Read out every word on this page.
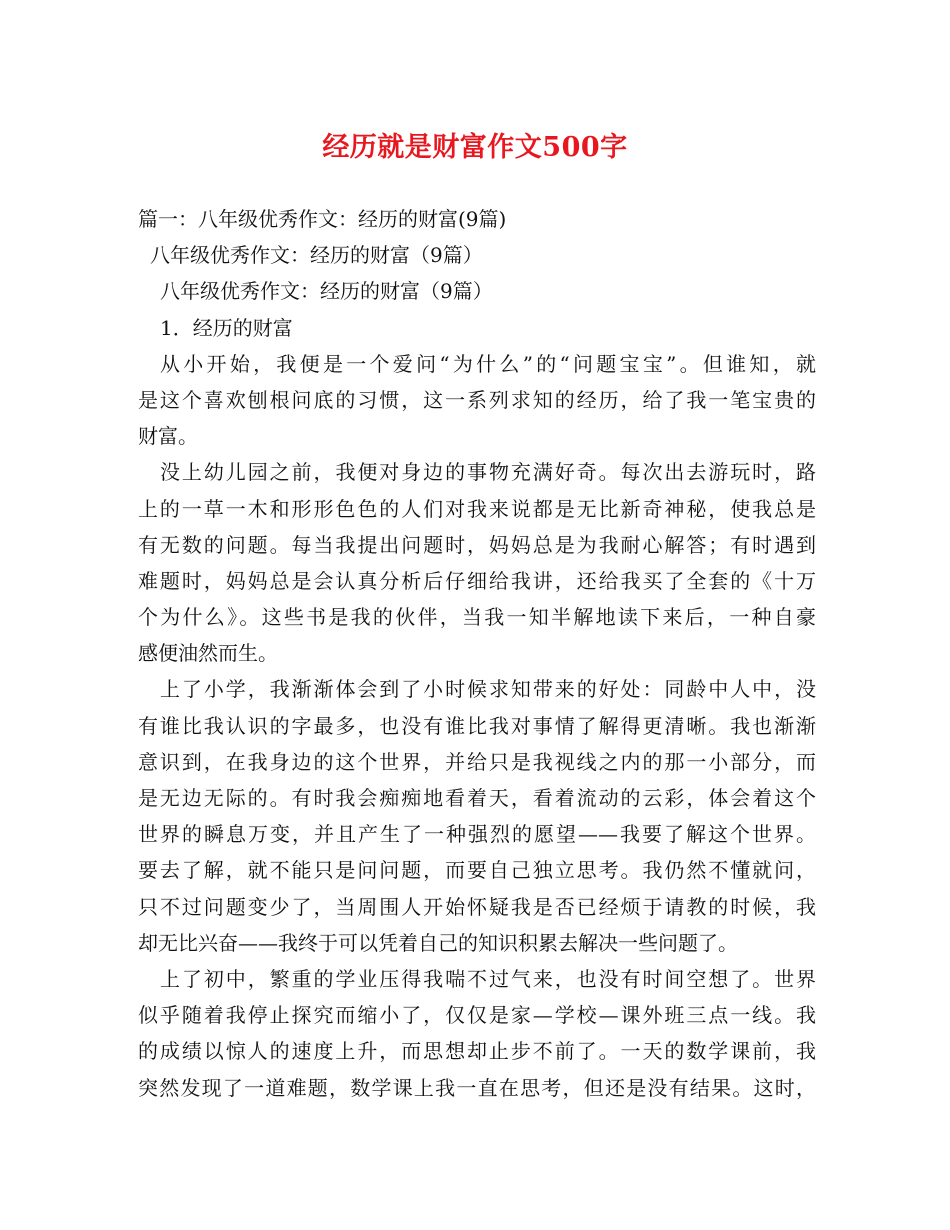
经历就是财富作文500字
篇一：八年级优秀作文：经历的财富(9篇)
八年级优秀作文：经历的财富（9篇）
八年级优秀作文：经历的财富（9篇）
1．经历的财富
从小开始，我便是一个爱问“为什么”的“问题宝宝”。但谁知，就
是这个喜欢刨根问底的习惯，这一系列求知的经历，给了我一笔宝贵的
财富。
没上幼儿园之前，我便对身边的事物充满好奇。每次出去游玩时，路
上的一草一木和形形色色的人们对我来说都是无比新奇神秘，使我总是
有无数的问题。每当我提出问题时，妈妈总是为我耐心解答；有时遇到
难题时，妈妈总是会认真分析后仔细给我讲，还给我买了全套的《十万
个为什么》。这些书是我的伙伴，当我一知半解地读下来后，一种自豪
感便油然而生。
上了小学，我渐渐体会到了小时候求知带来的好处：同龄中人中，没
有谁比我认识的字最多，也没有谁比我对事情了解得更清晰。我也渐渐
意识到，在我身边的这个世界，并给只是我视线之内的那一小部分，而
是无边无际的。有时我会痴痴地看着天，看着流动的云彩，体会着这个
世界的瞬息万变，并且产生了一种强烈的愿望——我要了解这个世界。
要去了解，就不能只是问问题，而要自己独立思考。我仍然不懂就问，
只不过问题变少了，当周围人开始怀疑我是否已经烦于请教的时候，我
却无比兴奋——我终于可以凭着自己的知识积累去解决一些问题了。
上了初中，繁重的学业压得我喘不过气来，也没有时间空想了。世界
似乎随着我停止探究而缩小了，仅仅是家—学校—课外班三点一线。我
的成绩以惊人的速度上升，而思想却止步不前了。一天的数学课前，我
突然发现了一道难题，数学课上我一直在思考，但还是没有结果。这时，
